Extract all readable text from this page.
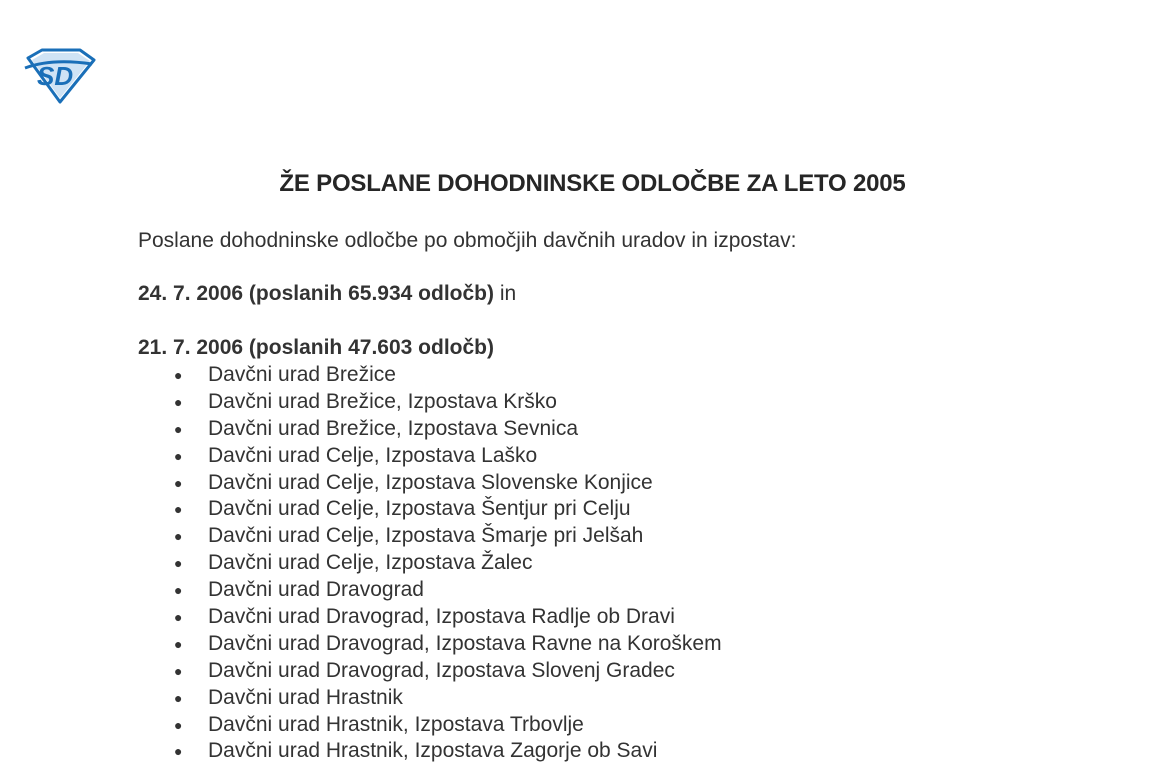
SD
ŽE POSLANE DOHODNINSKE ODLOČBE ZA LETO 2005
Poslane dohodninske odločbe po območjih davčnih uradov in izpostav:
24. 7. 2006 (poslanih 65.934 odločb) in
21. 7. 2006 (poslanih 47.603 odločb)
● Davčni urad Brežice
● Davčni urad Brežice, Izpostava Krško
● Davčni urad Brežice, Izpostava Sevnica
● Davčni urad Celje, Izpostava Laško
● Davčni urad Celje, Izpostava Slovenske Konjice
● Davčni urad Celje, Izpostava Šentjur pri Celju
● Davčni urad Celje, Izpostava Šmarje pri Jelšah
● Davčni urad Celje, Izpostava Žalec
● Davčni urad Dravograd
● Davčni urad Dravograd, Izpostava Radlje ob Dravi
● Davčni urad Dravograd, Izpostava Ravne na Koroškem
● Davčni urad Dravograd, Izpostava Slovenj Gradec
● Davčni urad Hrastnik
● Davčni urad Hrastnik, Izpostava Trbovlje
● Davčni urad Hrastnik, Izpostava Zagorje ob Savi
